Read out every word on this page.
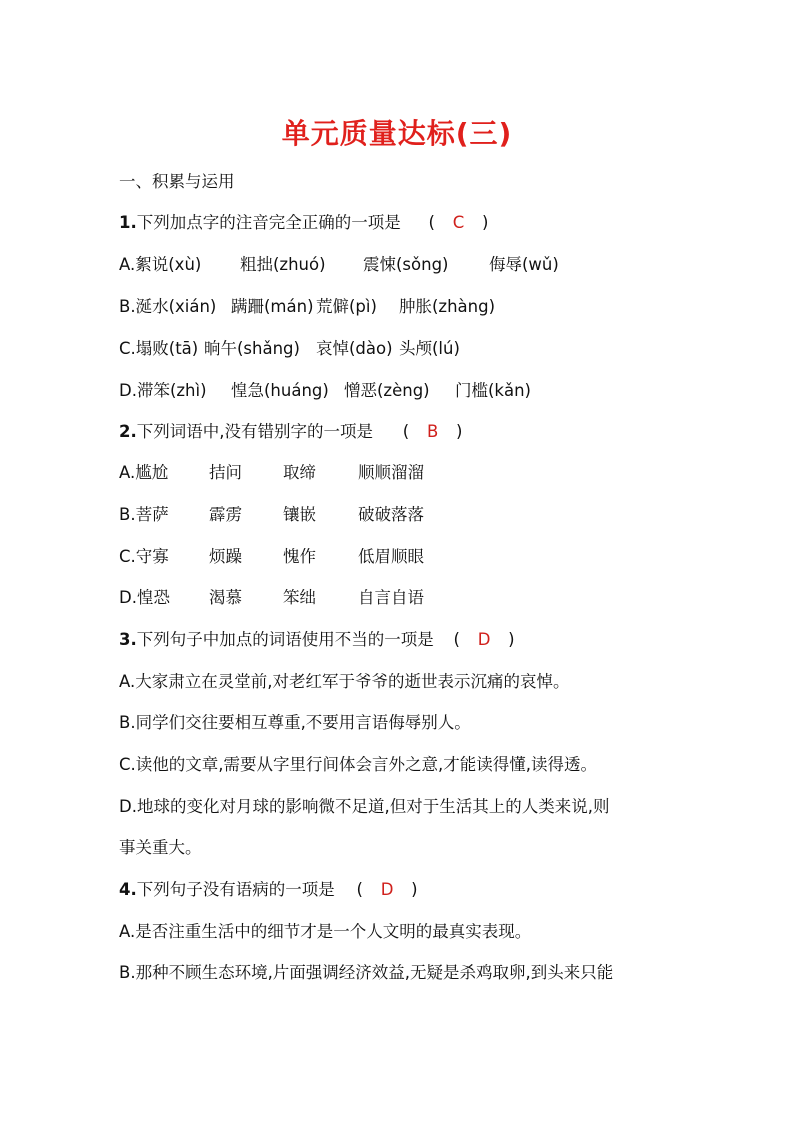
单元质量达标(三)
一、积累与运用
1.下列加点字的注音完全正确的一项是 ( C )
A.絮说(xù) 粗拙(zhuó) 震悚(sǒng) 侮辱(wǔ)
B.涎水(xián) 蹒跚(mán) 荒僻(pì) 肿胀(zhàng)
C.塌败(tā) 晌午(shǎng) 哀悼(dào) 头颅(lú)
D.滞笨(zhì) 惶急(huáng) 憎恶(zèng) 门槛(kǎn)
2.下列词语中,没有错别字的一项是 ( B )
A.尴尬 拮问 取缔	顺顺溜溜
B.菩萨 霹雳 镶嵌	破破落落
C.守寡 烦躁 愧作	低眉顺眼
D.惶恐 渴慕 笨绌	自言自语
3.下列句子中加点的词语使用不当的一项是 ( D )
A.大家肃立在灵堂前,对老红军于爷爷的逝世表示沉痛的哀悼。
B.同学们交往要相互尊重,不要用言语侮辱别人。
C.读他的文章,需要从字里行间体会言外之意,才能读得懂,读得透。
D.地球的变化对月球的影响微不足道,但对于生活其上的人类来说,则
事关重大。
4.下列句子没有语病的一项是 ( D )
A.是否注重生活中的细节才是一个人文明的最真实表现。
B.那种不顾生态环境,片面强调经济效益,无疑是杀鸡取卵,到头来只能
